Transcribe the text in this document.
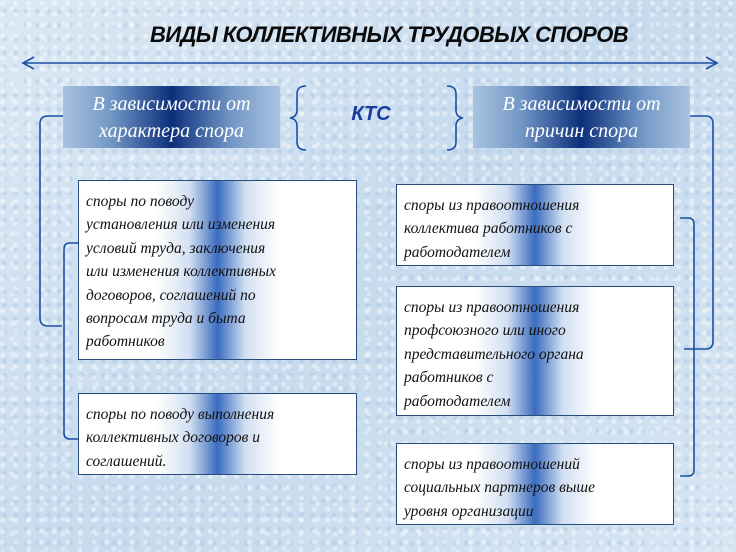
ВИДЫ КОЛЛЕКТИВНЫХ ТРУДОВЫХ СПОРОВ
В зависимости от
характера спора
КТС	В зависимости от
причин спора
споры по поводу
установления или изменения
условий труда, заключения
или изменения коллективных
договоров, соглашений по
вопросам труда и быта
работников
споры по поводу выполнения
коллективных договоров и
соглашений.
споры из правоотношения
коллектива работников с
работодателем
споры из правоотношения
профсоюзного или иного
представительного органа
работников с
работодателем
споры из правоотношений
социальных партнеров выше
уровня организации
